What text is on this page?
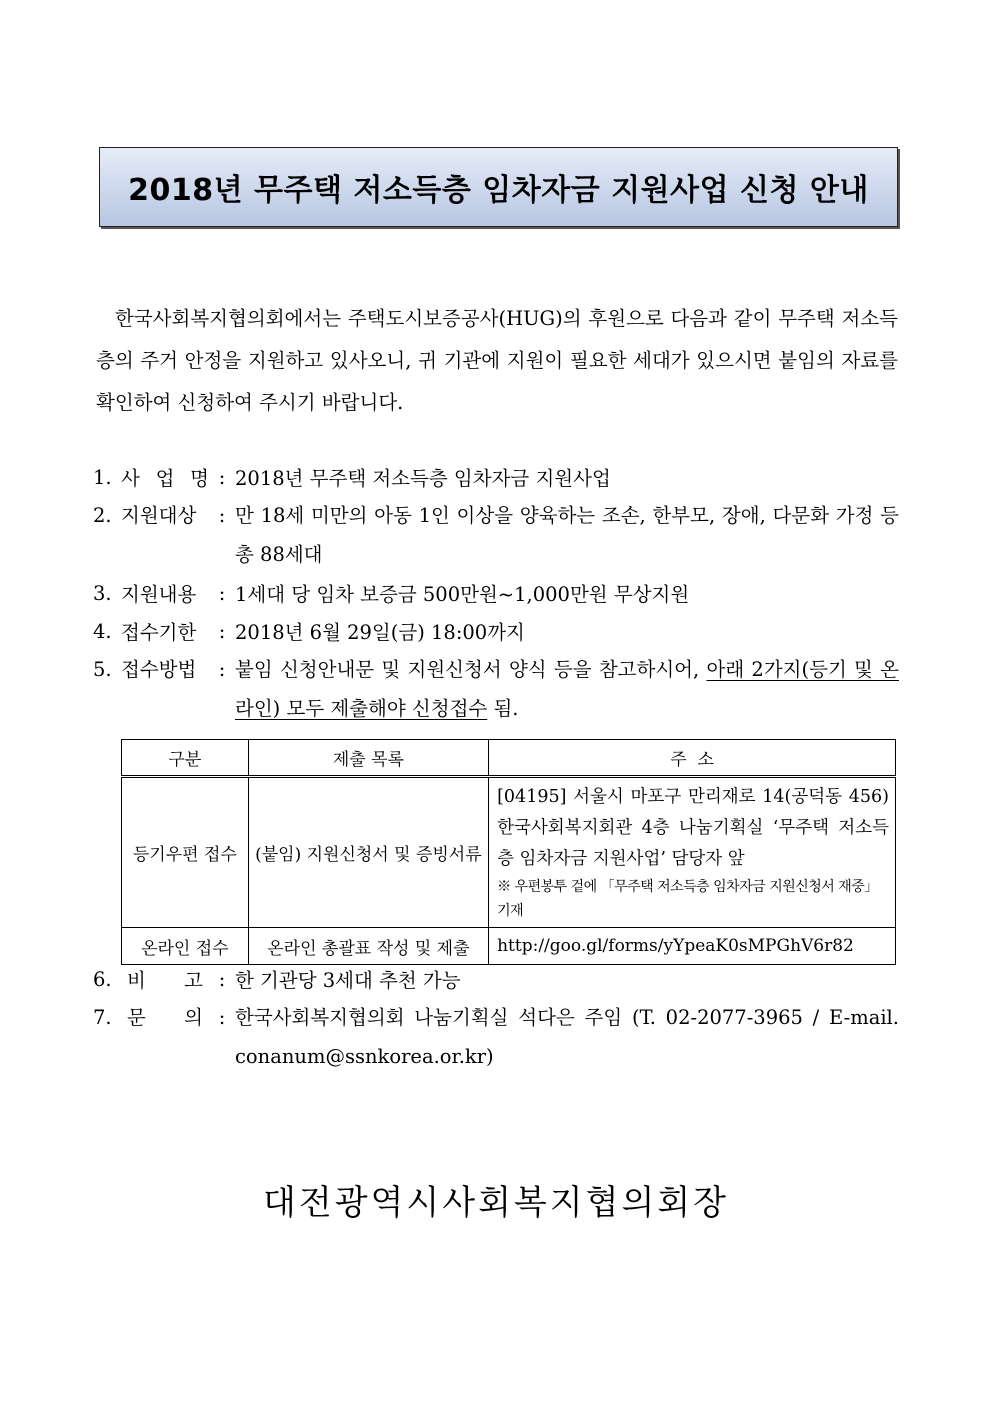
2018년 무주택 저소득층 임차자금 지원사업 신청 안내

한국사회복지협의회에서는 주택도시보증공사(HUG)의 후원으로 다음과 같이 무주택 저소득층의 주거 안정을 지원하고 있사오니, 귀 기관에 지원이 필요한 세대가 있으시면 붙임의 자료를 확인하여 신청하여 주시기 바랍니다.

1. 사 업 명 : 2018년 무주택 저소득층 임차자금 지원사업
2. 지원대상	: 만 18세 미만의 아동 1인 이상을 양육하는 조손, 한부모, 장애, 다문화 가정 등 총 88세대
3. 지원내용	: 1세대 당 임차 보증금 500만원~1,000만원 무상지원
4. 접수기한	: 2018년 6월 29일(금) 18:00까지
5. 접수방법	: 붙임 신청안내문 및 지원신청서 양식 등을 참고하시어, 아래 2가지(등기 및 온라인) 모두 제출해야 신청접수 됨.
구분	제출 목록	주  소
등기우편 접수	(붙임) 지원신청서 및 증빙서류	[04195] 서울시 마포구 만리재로 14(공덕동 456) 한국사회복지회관 4층 나눔기획실 ‘무주택 저소득층 임차자금 지원사업’ 담당자 앞
※ 우편봉투 겉에 「무주택 저소득층 임차자금 지원신청서 재중」 기재

온라인 접수	온라인 총괄표 작성 및 제출	http://goo.gl/forms/yYpeaK0sMPGhV6r82
6. 비 고 : 한 기관당 3세대 추천 가능
7. 문 의 : 한국사회복지협의회 나눔기획실 석다은 주임 (T. 02-2077-3965 / E-mail. conanum@ssnkorea.or.kr)
대전광역시사회복지협의회장
